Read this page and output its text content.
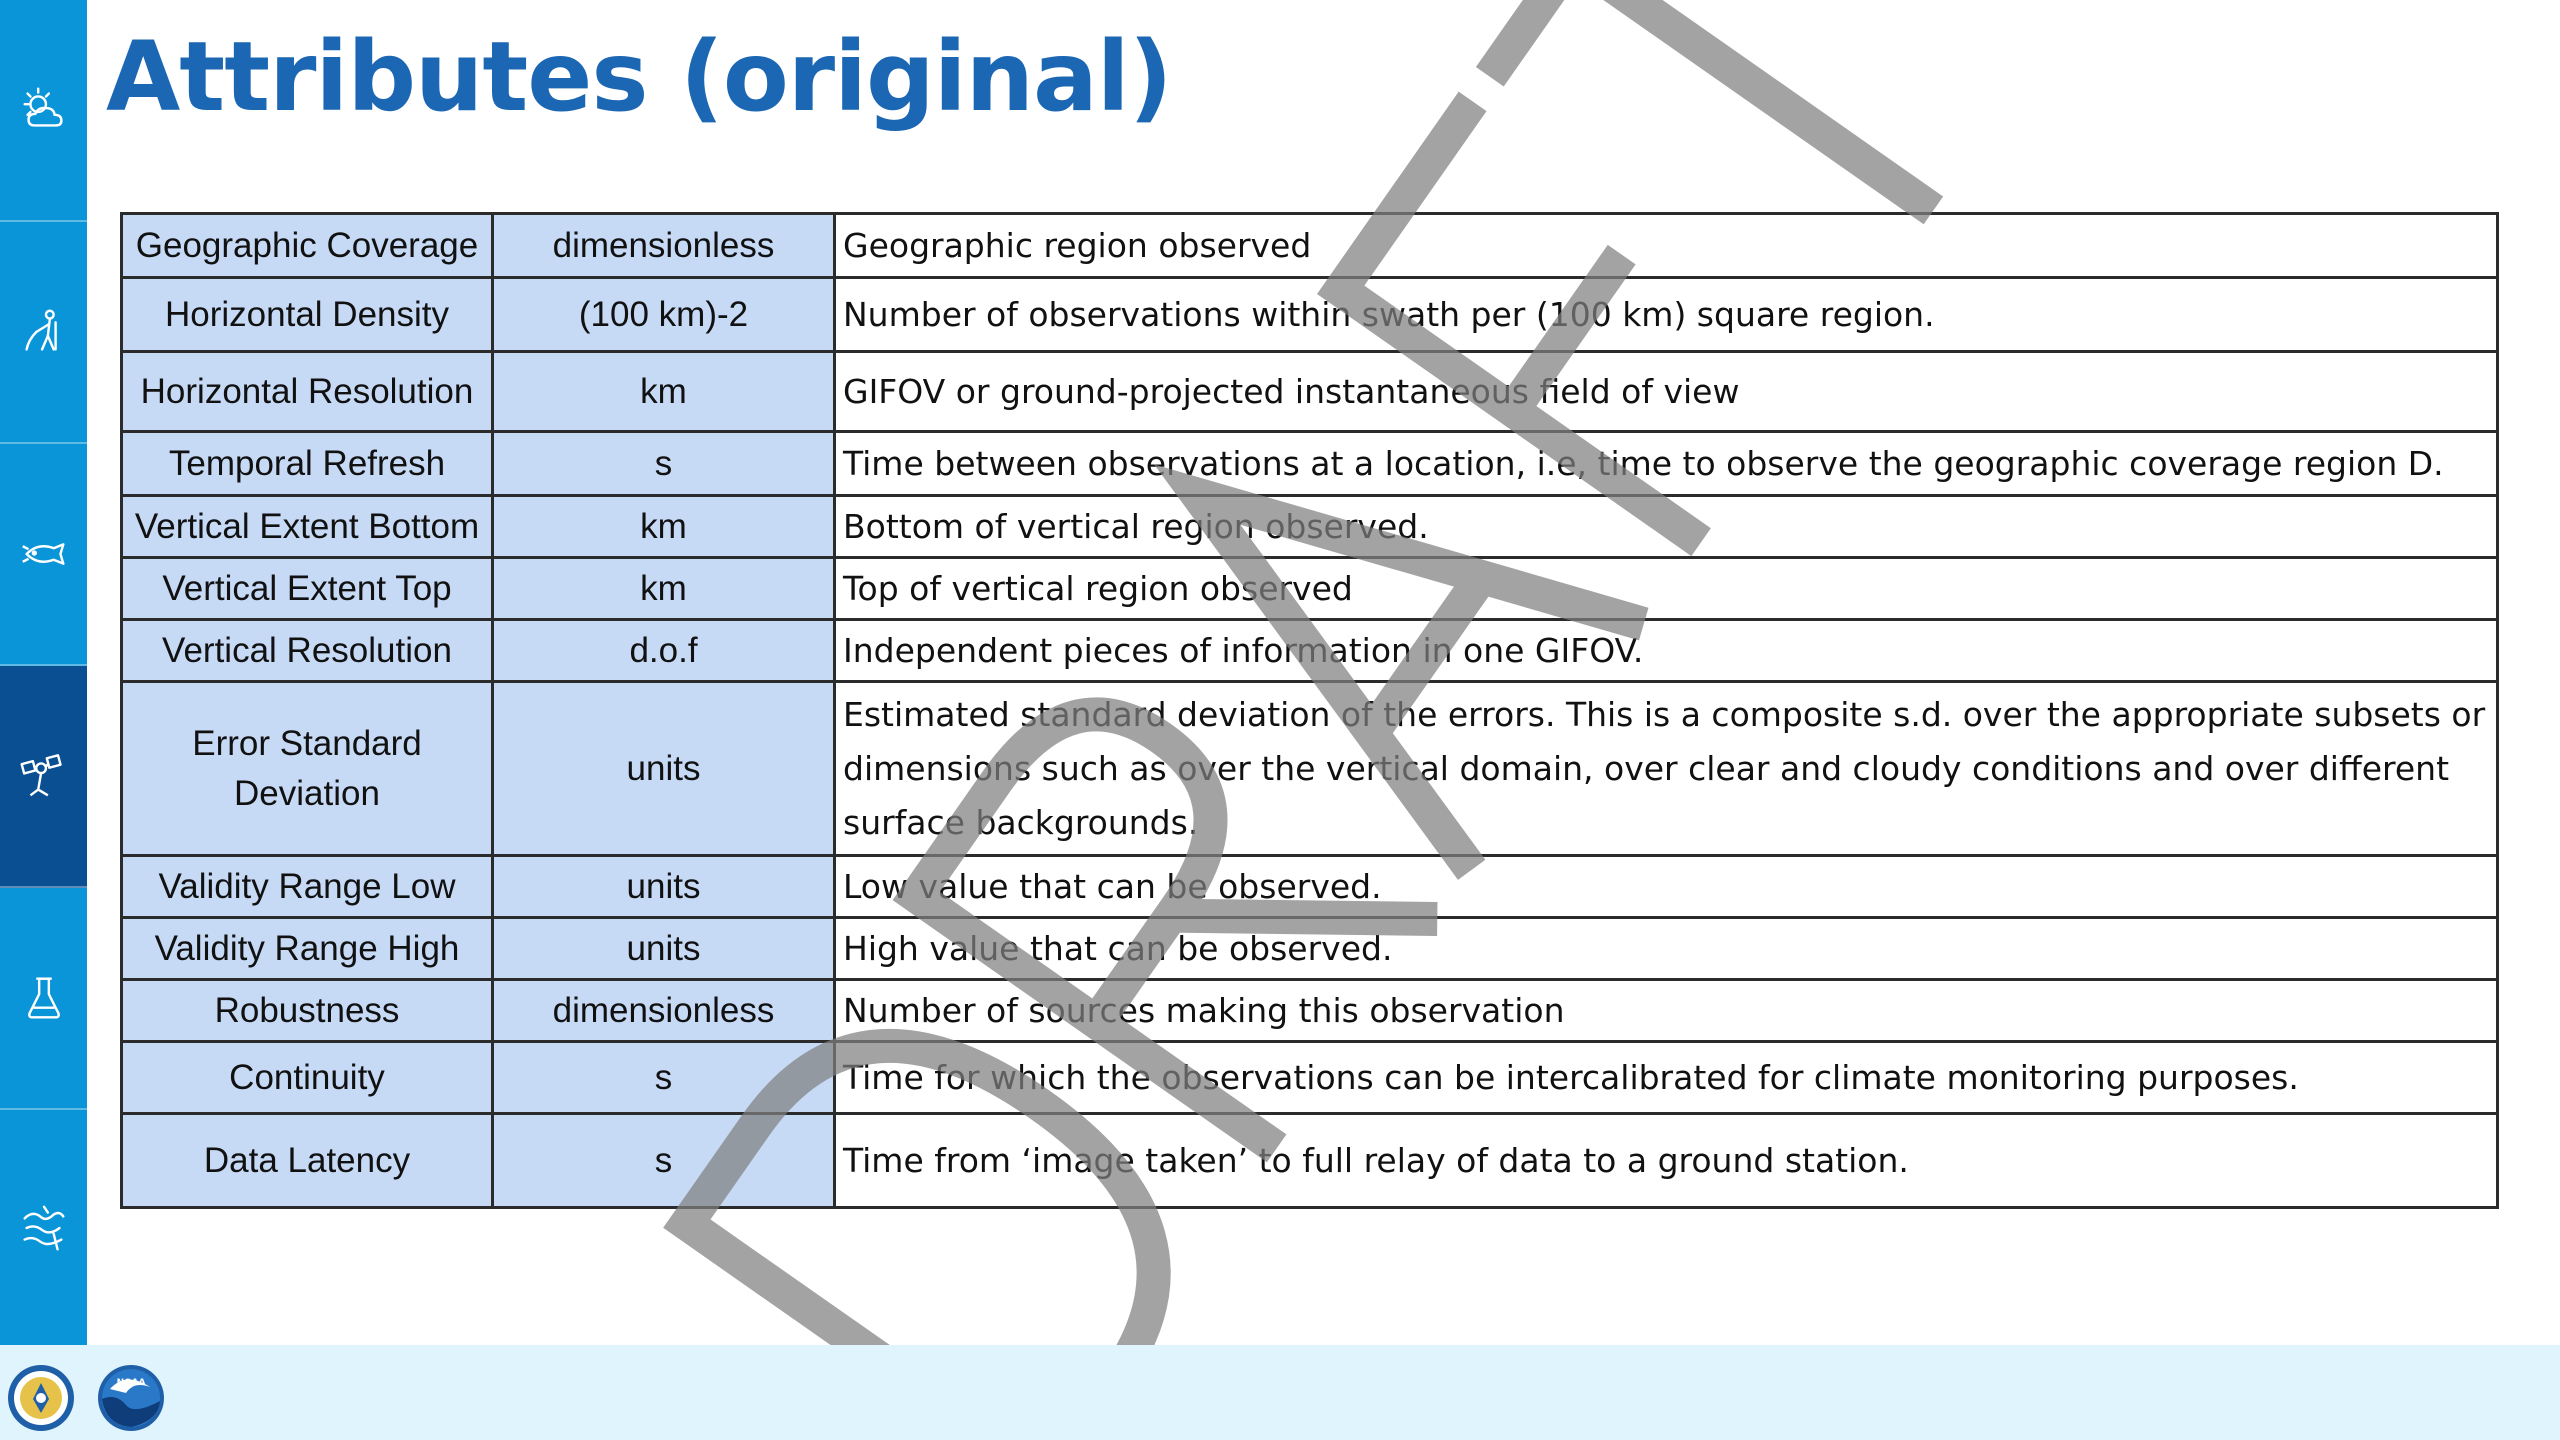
Attributes (original)
Geographic Coverage	dimensionless	Geographic region observed
Horizontal Density	(100 km)-2	Number of observations within swath per (100 km) square region.
Horizontal Resolution	km	GIFOV or ground-projected instantaneous field of view
Temporal Refresh	s	Time between observations at a location, i.e, time to observe the geographic coverage region D.
Vertical Extent Bottom	km	Bottom of vertical region observed.
Vertical Extent Top	km	Top of vertical region observed
Vertical Resolution	d.o.f	Independent pieces of information in one GIFOV.
Error Standard Deviation	units	Estimated standard deviation of the errors. This is a composite s.d. over the appropriate subsets or dimensions such as over the vertical domain, over clear and cloudy conditions and over different surface backgrounds.
Validity Range Low	units	Low value that can be observed.
Validity Range High	units	High value that can be observed.
Robustness	dimensionless	Number of sources making this observation
Continuity	s	Time for which the observations can be intercalibrated for climate monitoring purposes.
Data Latency	s	Time from ‘image taken’ to full relay of data to a ground station.
NOAA
